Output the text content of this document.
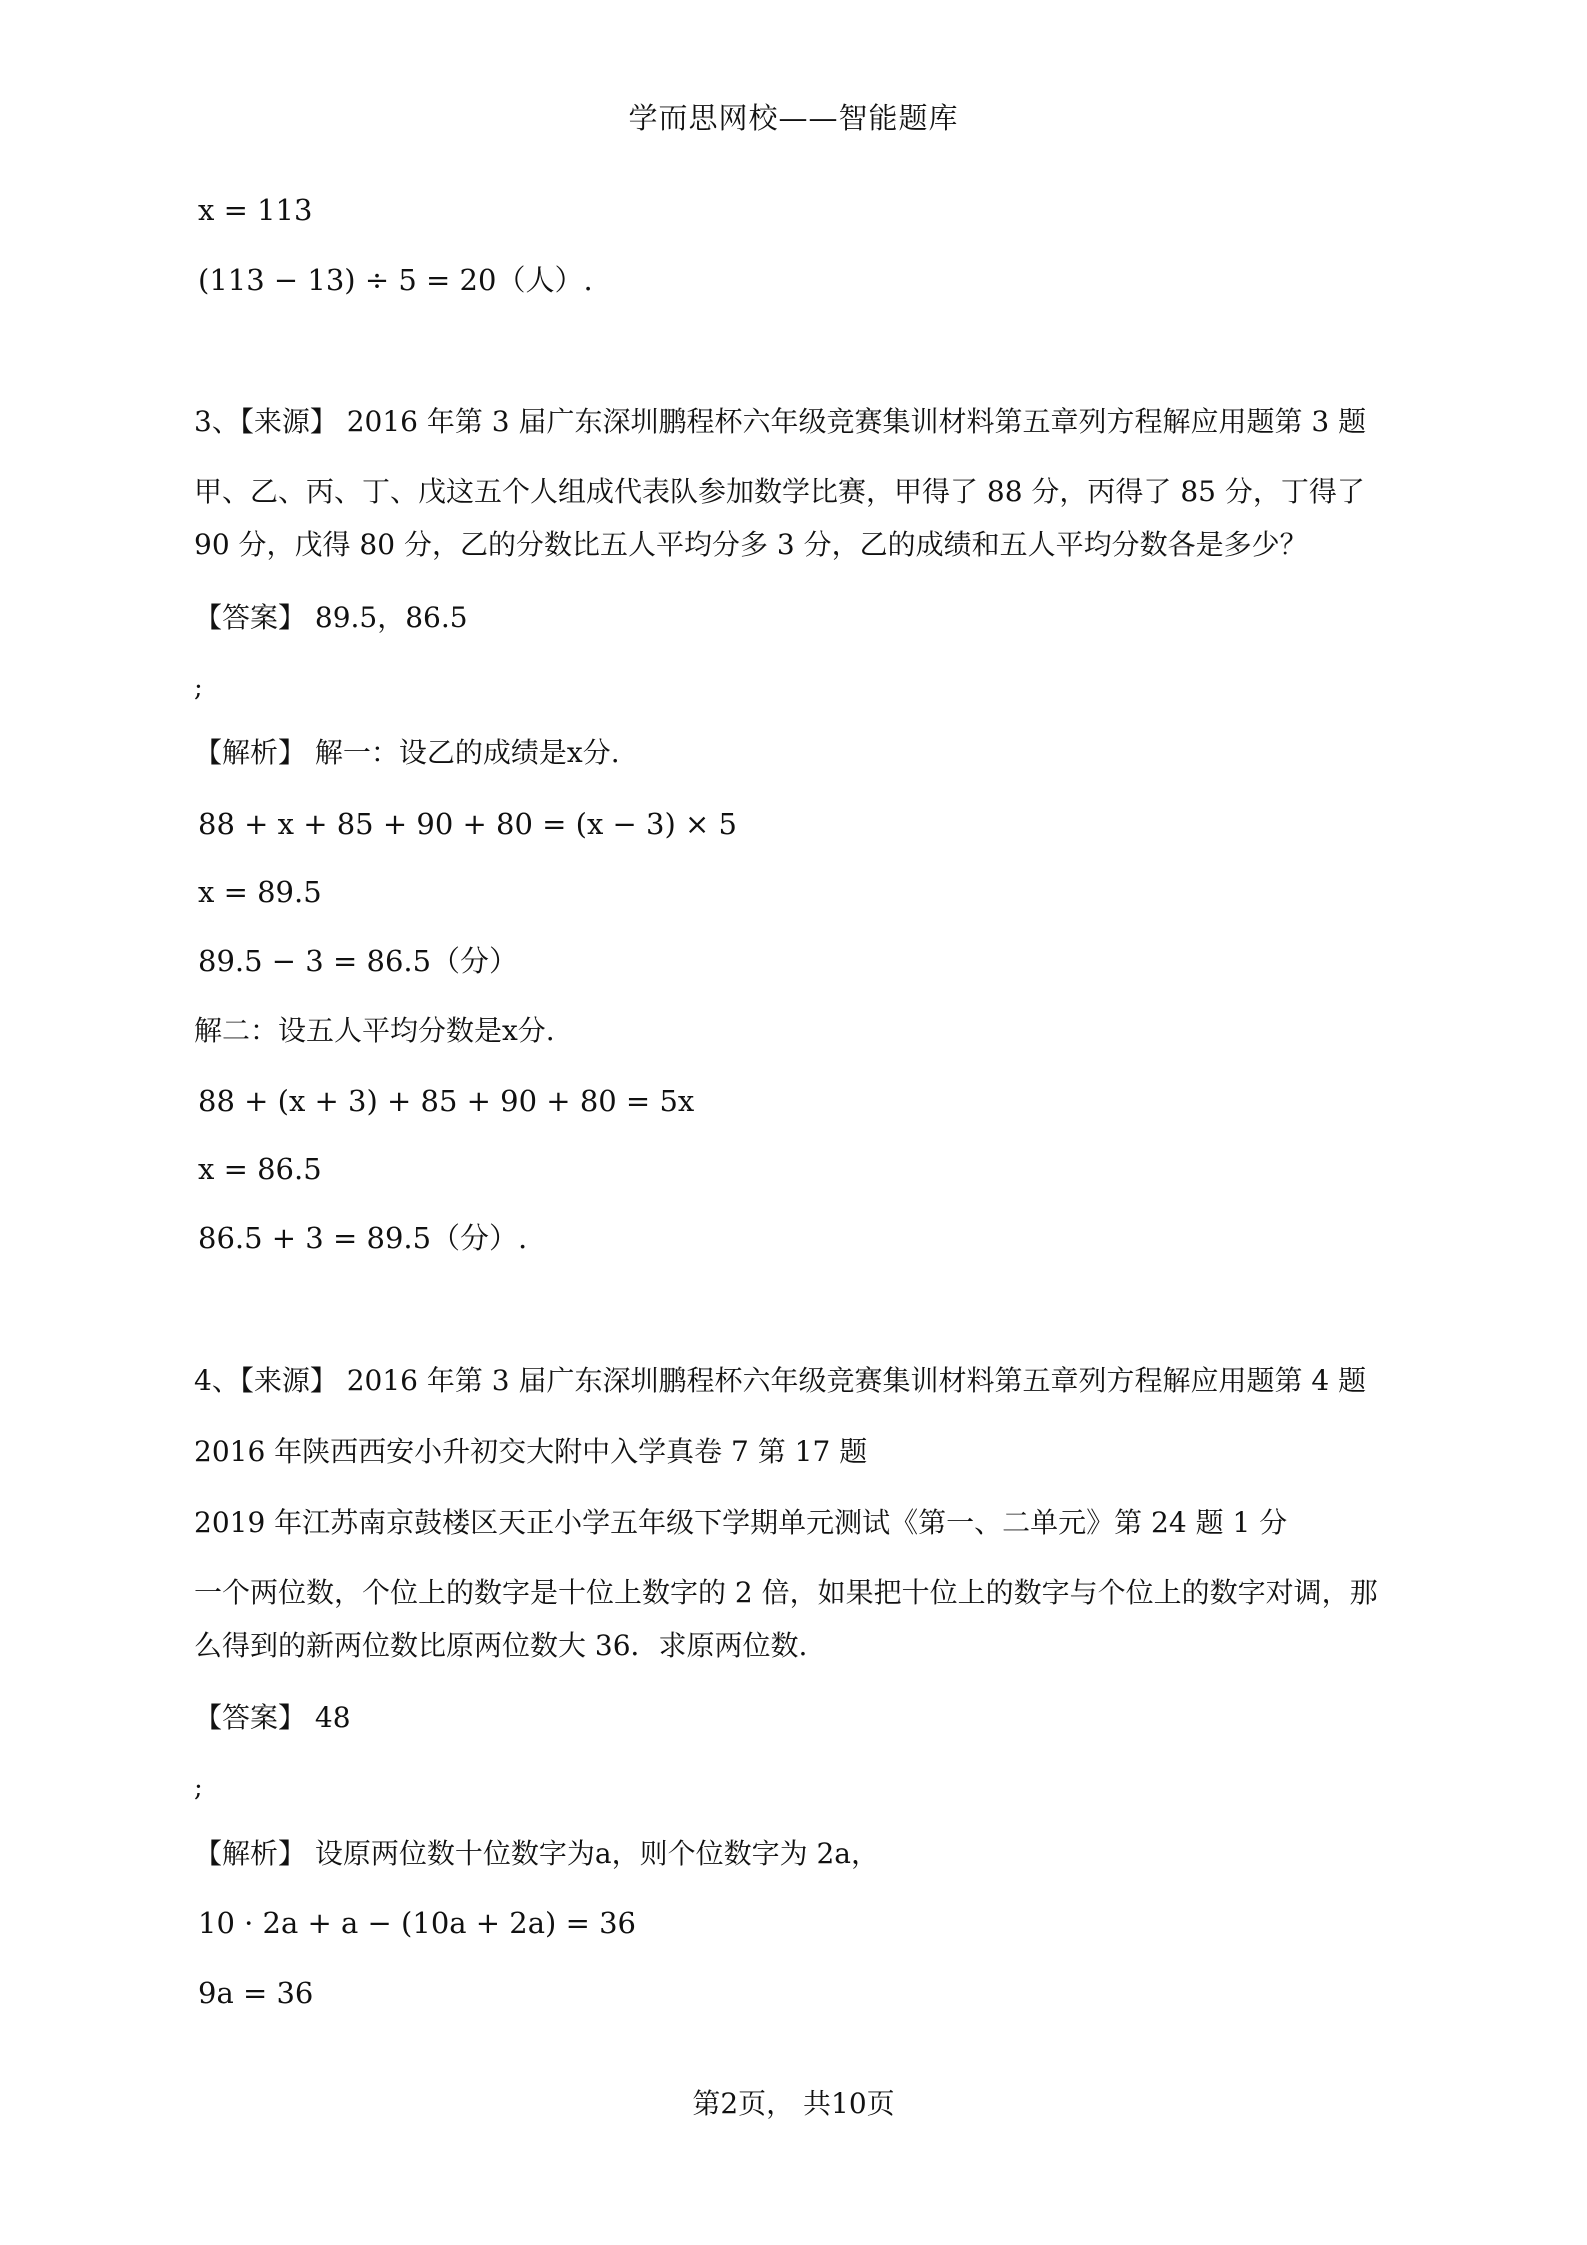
学而思网校——智能题库
x = 113
(113 − 13) ÷ 5 = 20（人）.
3、【来源】 2016 年第 3 届广东深圳鹏程杯六年级竞赛集训材料第五章列方程解应用题第 3 题
甲、乙、丙、丁、戊这五个人组成代表队参加数学比赛，甲得了 88 分，丙得了 85 分，丁得了
90 分，戊得 80 分，乙的分数比五人平均分多 3 分，乙的成绩和五人平均分数各是多少？
【答案】 89.5，86.5
;
【解析】 解一：设乙的成绩是x分.
88 + x + 85 + 90 + 80 = (x − 3) × 5
x = 89.5
89.5 − 3 = 86.5（分）
解二：设五人平均分数是x分.
88 + (x + 3) + 85 + 90 + 80 = 5x
x = 86.5
86.5 + 3 = 89.5（分）.
4、【来源】 2016 年第 3 届广东深圳鹏程杯六年级竞赛集训材料第五章列方程解应用题第 4 题
2016 年陕西西安小升初交大附中入学真卷 7 第 17 题
2019 年江苏南京鼓楼区天正小学五年级下学期单元测试《第一、二单元》第 24 题 1 分
一个两位数，个位上的数字是十位上数字的 2 倍，如果把十位上的数字与个位上的数字对调，那
么得到的新两位数比原两位数大 36．求原两位数.
【答案】 48
;
【解析】 设原两位数十位数字为a，则个位数字为 2a，
10 · 2a + a − (10a + 2a) = 36
9a = 36
第2页， 共10页
